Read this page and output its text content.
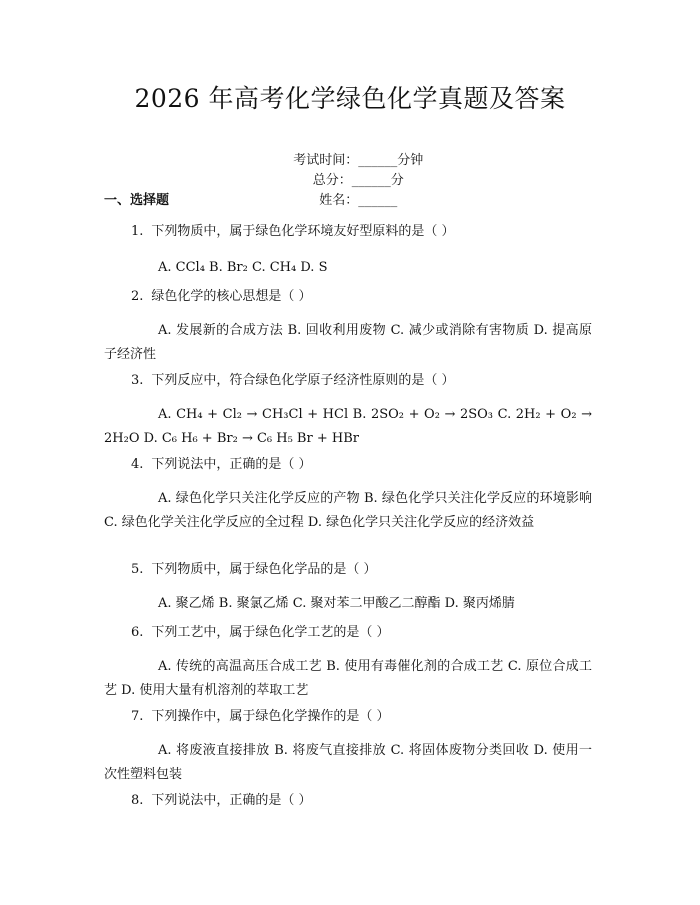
2026 年高考化学绿色化学真题及答案

考试时间：______分钟
总分：______分
姓名：______

一、选择题
1. 下列物质中，属于绿色化学环境友好型原料的是（ ）
A. CCl₄ B. Br₂ C. CH₄ D. S
2. 绿色化学的核心思想是（ ）
A. 发展新的合成方法 B. 回收利用废物 C. 减少或消除有害物质 D. 提高原子经济性
3. 下列反应中，符合绿色化学原子经济性原则的是（ ）
A. CH₄ + Cl₂ → CH₃Cl + HCl B. 2SO₂ + O₂ → 2SO₃ C. 2H₂ + O₂ → 2H₂O D. C₆ H₆ + Br₂ → C₆ H₅ Br + HBr
4. 下列说法中，正确的是（ ）
A. 绿色化学只关注化学反应的产物 B. 绿色化学只关注化学反应的环境影响 C. 绿色化学关注化学反应的全过程 D. 绿色化学只关注化学反应的经济效益
5. 下列物质中，属于绿色化学品的是（ ）
A. 聚乙烯 B. 聚氯乙烯 C. 聚对苯二甲酸乙二醇酯 D. 聚丙烯腈
6. 下列工艺中，属于绿色化学工艺的是（ ）
A. 传统的高温高压合成工艺 B. 使用有毒催化剂的合成工艺 C. 原位合成工艺 D. 使用大量有机溶剂的萃取工艺
7. 下列操作中，属于绿色化学操作的是（ ）
A. 将废液直接排放 B. 将废气直接排放 C. 将固体废物分类回收 D. 使用一次性塑料包装
8. 下列说法中，正确的是（ ）
